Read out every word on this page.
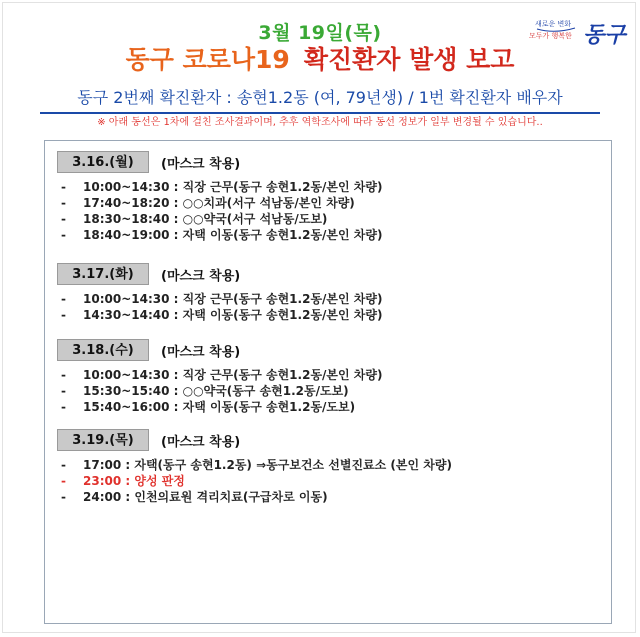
3월 19일(목)
동구 코로나19 확진환자 발생 보고
새로운 변화
모두가 행복한 동구
동구 2번째 확진환자 : 송현1.2동 (여, 79년생) / 1번 확진환자 배우자
※ 아래 동선은 1차에 걸친 조사결과이며, 추후 역학조사에 따라 동선 정보가 일부 변경될 수 있습니다..
3.16.(월)	(마스크 착용)
- 10:00~14:30 : 직장 근무(동구 송현1.2동/본인 차량)
- 17:40~18:20 : ○○치과(서구 석남동/본인 차량)
- 18:30~18:40 : ○○약국(서구 석남동/도보)
- 18:40~19:00 : 자택 이동(동구 송현1.2동/본인 차량)
3.17.(화)	(마스크 착용)
- 10:00~14:30 : 직장 근무(동구 송현1.2동/본인 차량)
- 14:30~14:40 : 자택 이동(동구 송현1.2동/본인 차량)
3.18.(수)	(마스크 착용)
- 10:00~14:30 : 직장 근무(동구 송현1.2동/본인 차량)
- 15:30~15:40 : ○○약국(동구 송현1.2동/도보)
- 15:40~16:00 : 자택 이동(동구 송현1.2동/도보)
3.19.(목)	(마스크 착용)
- 17:00 : 자택(동구 송현1.2동) ⇒동구보건소 선별진료소 (본인 차량)
- 23:00 : 양성 판정
- 24:00 : 인천의료원 격리치료(구급차로 이동)
